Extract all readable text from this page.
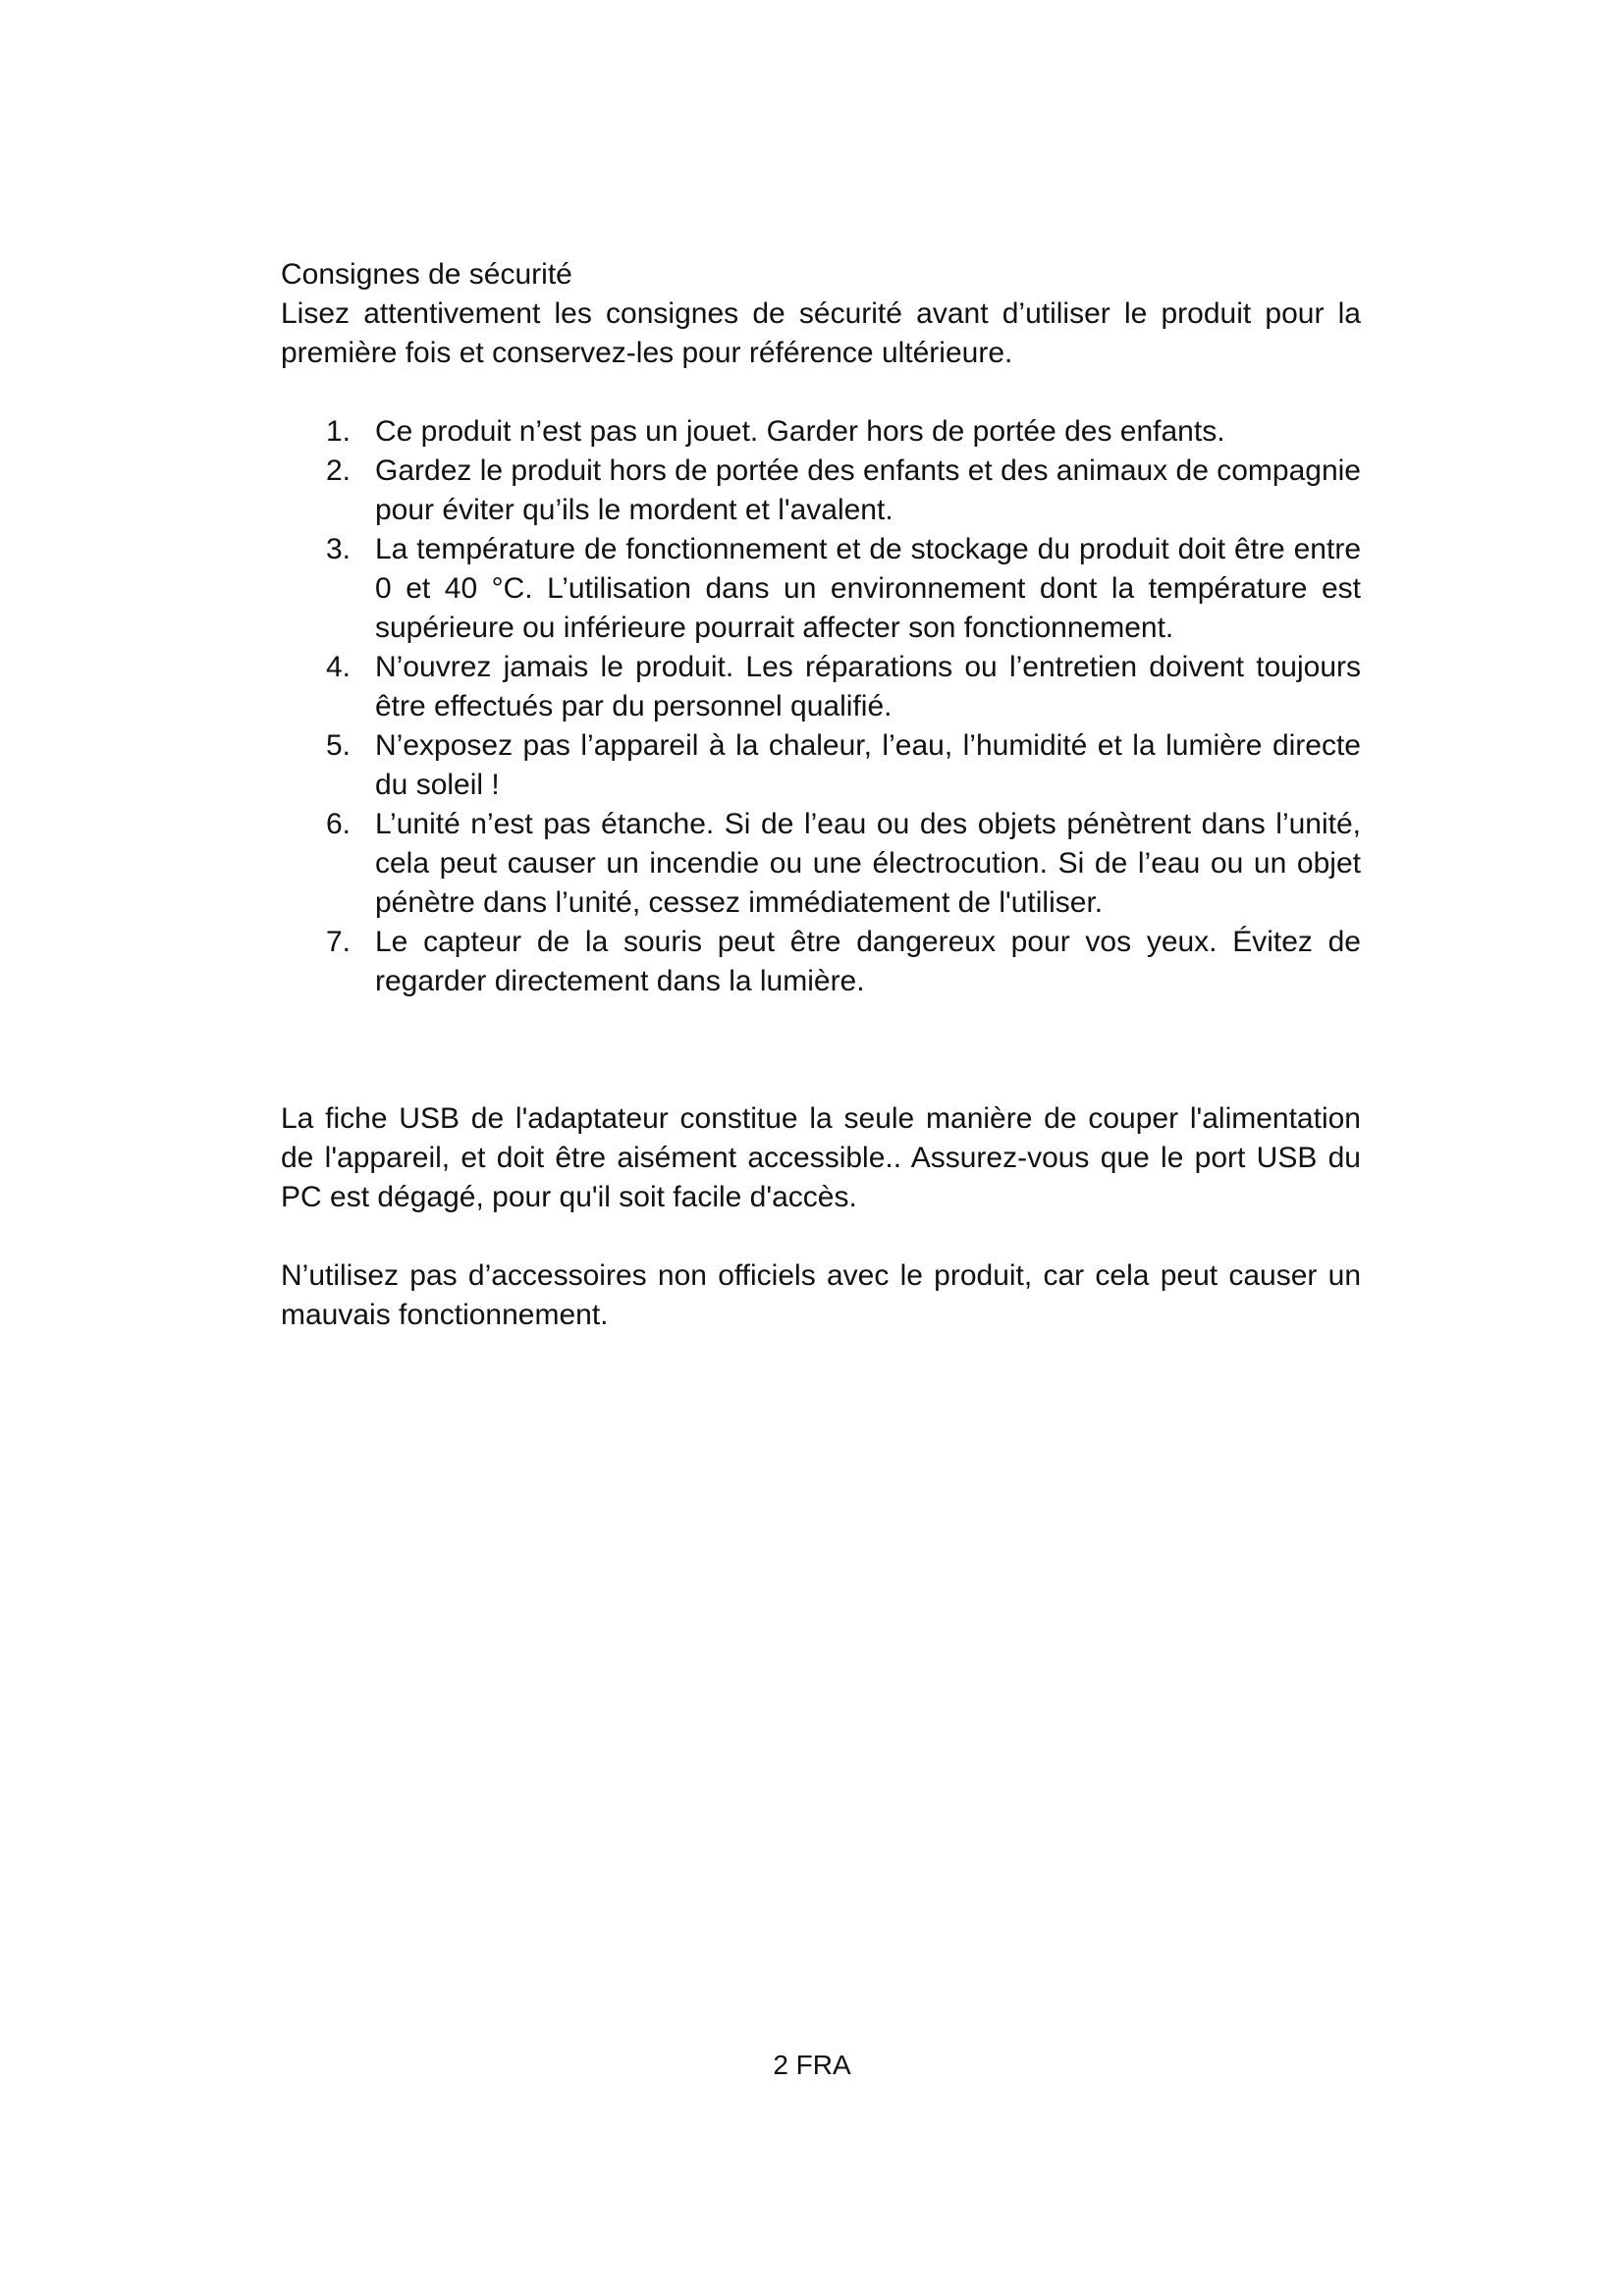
Consignes de sécurité

Lisez attentivement les consignes de sécurité avant d’utiliser le produit pour la première fois et conservez-les pour référence ultérieure.

1. Ce produit n’est pas un jouet. Garder hors de portée des enfants.
2. Gardez le produit hors de portée des enfants et des animaux de compagnie pour éviter qu’ils le mordent et l'avalent.
3. La température de fonctionnement et de stockage du produit doit être entre 0 et 40 °C. L’utilisation dans un environnement dont la température est supérieure ou inférieure pourrait affecter son fonctionnement.
4. N’ouvrez jamais le produit. Les réparations ou l’entretien doivent toujours être effectués par du personnel qualifié.
5. N’exposez pas l’appareil à la chaleur, l’eau, l’humidité et la lumière directe du soleil !
6. L’unité n’est pas étanche. Si de l’eau ou des objets pénètrent dans l’unité, cela peut causer un incendie ou une électrocution. Si de l’eau ou un objet pénètre dans l’unité, cessez immédiatement de l'utiliser.
7. Le capteur de la souris peut être dangereux pour vos yeux. Évitez de regarder directement dans la lumière.

La fiche USB de l'adaptateur constitue la seule manière de couper l'alimentation de l'appareil, et doit être aisément accessible.. Assurez-vous que le port USB du PC est dégagé, pour qu'il soit facile d'accès.

N’utilisez pas d’accessoires non officiels avec le produit, car cela peut causer un mauvais fonctionnement.

2 FRA
